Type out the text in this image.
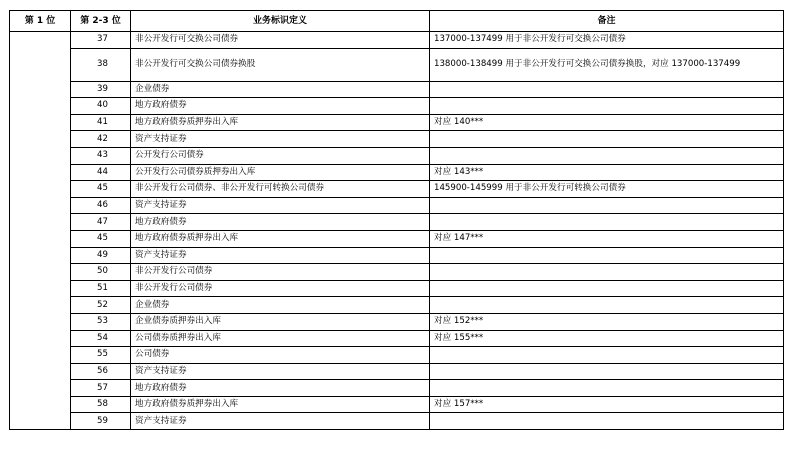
第 1 位	第 2-3 位	业务标识定义	备注
	37	非公开发行可交换公司债券	137000-137499 用于非公开发行可交换公司债券
	38	非公开发行可交换公司债券换股	138000-138499 用于非公开发行可交换公司债券换股，对应 137000-137499
	39	企业债券	
	40	地方政府债券	
	41	地方政府债券质押券出入库	对应 140***
	42	资产支持证券	
	43	公开发行公司债券	
	44	公开发行公司债券质押券出入库	对应 143***
	45	非公开发行公司债券、非公开发行可转换公司债券	145900-145999 用于非公开发行可转换公司债券
	46	资产支持证券	
	47	地方政府债券	
	45	地方政府债券质押券出入库	对应 147***
	49	资产支持证券	
	50	非公开发行公司债券	
	51	非公开发行公司债券	
	52	企业债券	
	53	企业债券质押券出入库	对应 152***
	54	公司债券质押券出入库	对应 155***
	55	公司债券	
	56	资产支持证券	
	57	地方政府债券	
	58	地方政府债券质押券出入库	对应 157***
	59	资产支持证券	
